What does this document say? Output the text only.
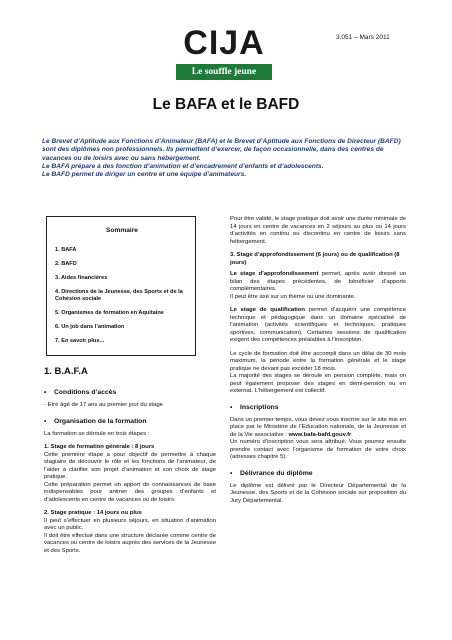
CIJA
Le souffle jeune
3.051 – Mars 2011
Le BAFA et le BAFD

Le Brevet d’Aptitude aux Fonctions d’Animateur (BAFA) et le Brevet d’Aptitude aux Fonctions de Directeur (BAFD) sont des diplômes non professionnels. Ils permettent d’exercer, de façon occasionnelle, dans des centres de vacances ou de loisirs avec ou sans hébergement.

Le BAFA prépare à des fonction d’animation et d’encadrement d’enfants et d’adolescents.

Le BAFD permet de diriger un centre et une équipe d’animateurs.

Sommaire
1. BAFA
2. BAFD
3. Aides financières
4. Directions de la Jeunesse, des Sports et de la Cohésion sociale
5. Organismes de formation en Aquitaine
6. Un job dans l’animation
7. En savoir plus...
1. B.A.F.A
• Conditions d’accès
- Etre âgé de 17 ans au premier jour du stage
• Organisation de la formation
La formation se déroule en trois étapes :
1. Stage de formation générale : 8 jours
Cette première étape a pour objectif de permettre à chaque stagiaire de découvrir le rôle et les fonctions de l’animateur, de l’aider à clarifier son projet d’animation et son choix de stage pratique.
Cette préparation permet un apport de connaissances de base indispensables pour animer des groupes d’enfants et d’adolescents en centre de vacances ou de loisirs.
2. Stage pratique : 14 jours ou plus
Il peut s’effectuer en plusieurs séjours, en situation d’animation avec un public.
Il doit être effectué dans une structure déclarée comme centre de vacances ou centre de loisirs auprès des services de la Jeunesse et des Sports.
Pour être validé, le stage pratique doit avoir une durée minimale de 14 jours en centre de vacances en 2 séjours au plus ou 14 jours d’activités en continu ou discontinu en centre de loisirs sans hébergement.
3. Stage d’approfondissement (6 jours) ou de qualification (8 jours)
Le stage d’approfondissement permet, après avoir dressé un bilan des étapes précédentes, de bénéficier d’apports complémentaires.
Il peut être axé sur un thème ou une dominante.
Le stage de qualification permet d’acquérir une compétence technique et pédagogique dans un domaine spécialisé de l’animation (activités scientifiques et techniques, pratiques sportives, communication). Certaines sessions de qualification exigent des compétences préalables à l’inscription.
Le cycle de formation doit être accompli dans un délai de 30 mois maximum, la période entre la formation générale et le stage pratique ne devant pas excéder 18 mois.
La majorité des stages se déroule en pension complète, mais on peut également proposer des stages en demi-pension ou en externat. L’hébergement est collectif.
• Inscriptions
Dans un premier temps, vous devez vous inscrire sur le site mis en place par le Ministère de l’Education nationale, de la Jeunesse et de la Vie associative : www.bafa-bafd.gouv.fr
Un numéro d’inscription vous sera attribué. Vous pourrez ensuite prendre contact avec l’organisme de formation de votre choix (adresses chapitre 5).
• Délivrance du diplôme
Le diplôme est délivré par le Directeur Départemental de la Jeunesse, des Sports et de la Cohésion sociale sur proposition du Jury Départemental.
